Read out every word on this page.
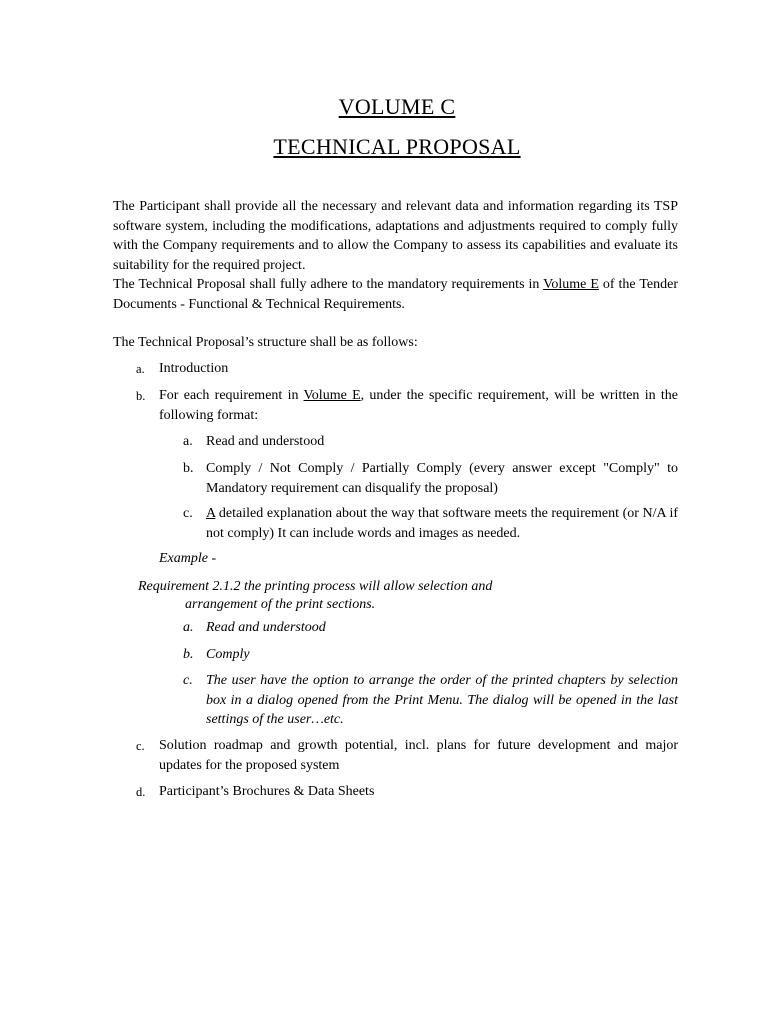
VOLUME C
TECHNICAL PROPOSAL
The Participant shall provide all the necessary and relevant data and information regarding its TSP software system, including the modifications, adaptations and adjustments required to comply fully with the Company requirements and to allow the Company to assess its capabilities and evaluate its suitability for the required project.
The Technical Proposal shall fully adhere to the mandatory requirements in Volume E of the Tender Documents - Functional & Technical Requirements.
The Technical Proposal’s structure shall be as follows:
a. Introduction
b. For each requirement in Volume E, under the specific requirement, will be written in the following format:
a. Read and understood
b. Comply / Not Comply / Partially Comply (every answer except "Comply" to Mandatory requirement can disqualify the proposal)
c. A detailed explanation about the way that software meets the requirement (or N/A if not comply) It can include words and images as needed.
Example -
Requirement 2.1.2 the printing process will allow selection and
arrangement of the print sections.
a. Read and understood
b. Comply
c. The user have the option to arrange the order of the printed chapters by selection box in a dialog opened from the Print Menu. The dialog will be opened in the last settings of the user…etc.
c. Solution roadmap and growth potential, incl. plans for future development and major updates for the proposed system
d. Participant’s Brochures & Data Sheets
